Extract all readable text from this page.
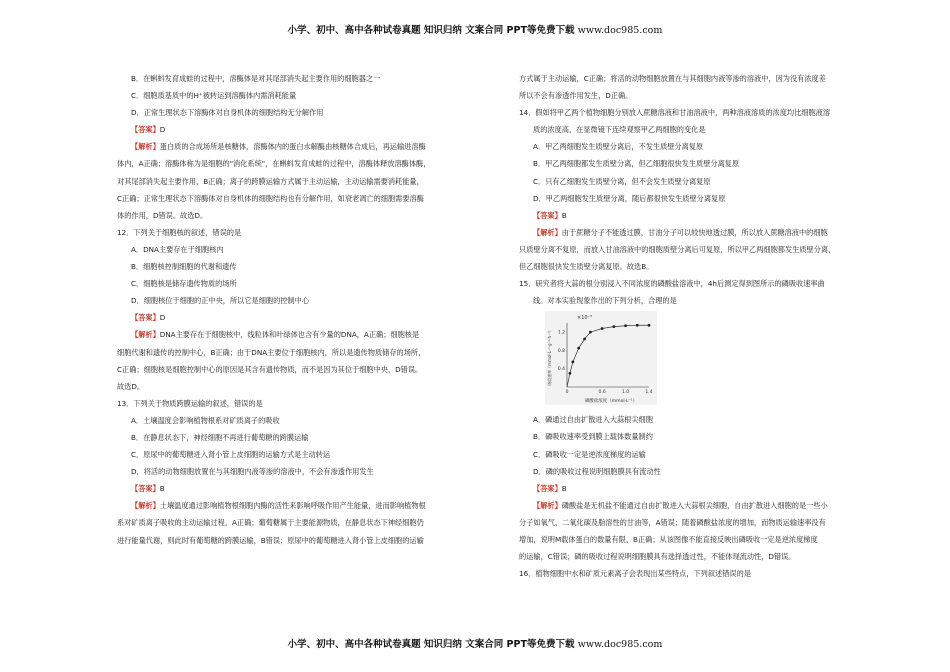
小学、初中、高中各种试卷真题 知识归纳 文案合同 PPT等免费下载 www.doc985.com

B．在蝌蚪发育成蛙的过程中，溶酶体是对其尾部消失起主要作用的细胞器之一

C．细胞质基质中的H⁺被转运到溶酶体内需消耗能量

D．正常生理状态下溶酶体对自身机体的细胞结构无分解作用

【答案】D

【解析】蛋白质的合成场所是核糖体，溶酶体内的蛋白水解酶由核糖体合成后，再运输进溶酶

体内，A正确；溶酶体称为是细胞的"消化系统"，在蝌蚪发育成蛙的过程中，溶酶体释放溶酶体酶，

对其尾部消失起主要作用，B正确；离子的跨膜运输方式属于主动运输，主动运输需要消耗能量，

C正确；正常生理状态下溶酶体对自身机体的细胞结构也有分解作用，如衰老凋亡的细胞需要溶酶

体的作用，D错误。故选D。

12．下列关于细胞核的叙述，错误的是

A．DNA主要存在于细胞核内

B．细胞核控制细胞的代谢和遗传

C．细胞核是储存遗传物质的场所

D．细胞核位于细胞的正中央，所以它是细胞的控制中心

【答案】D

【解析】DNA主要存在于细胞核中，线粒体和叶绿体也含有少量的DNA，A正确；细胞核是

细胞代谢和遗传的控制中心，B正确；由于DNA主要位于细胞核内，所以是遗传物质储存的场所，

C正确；细胞核是细胞控制中心的原因是其含有遗传物质，而不是因为其位于细胞中央，D错误。

故选D。

13．下列关于物质跨膜运输的叙述，错误的是

A．土壤温度会影响植物根系对矿质离子的吸收

B．在静息状态下，神经细胞不再进行葡萄糖的跨膜运输

C．原尿中的葡萄糖进入肾小管上皮细胞的运输方式是主动转运

D．将活的动物细胞放置在与其细胞内液等渗的溶液中，不会有渗透作用发生

【答案】B

【解析】土壤温度通过影响植物根细胞内酶的活性来影响呼吸作用产生能量，进而影响植物根

系对矿质离子吸收的主动运输过程，A正确；葡萄糖属于主要能源物质，在静息状态下神经细胞仍

进行能量代谢，则此时有葡萄糖的跨膜运输，B错误；原尿中的葡萄糖进入肾小管上皮细胞的运输

方式属于主动运输，C正确；将活的动物细胞放置在与其细胞内液等渗的溶液中，因为没有浓度差

所以不会有渗透作用发生，D正确。

14．假如将甲乙两个植物细胞分别放入蔗糖溶液和甘油溶液中，两种溶液溶质的浓度均比细胞液溶

质的浓度高，在显微镜下连续观察甲乙两细胞的变化是

A．甲乙两细胞发生质壁分离后，不发生质壁分离复原

B．甲乙两细胞都发生质壁分离，但乙细胞很快发生质壁分离复原

C．只有乙细胞发生质壁分离，但不会发生质壁分离复原

D．甲乙两细胞发生质壁分离，随后都很快发生质壁分离复原

【答案】B

【解析】由于蔗糖分子不能透过膜，甘油分子可以较快地透过膜，所以放入蔗糖溶液中的细胞

只质壁分离不复原，而放入甘油溶液中的细胞质壁分离后可复原，所以甲乙两细胞都发生质壁分离，

但乙细胞很快发生质壁分离复原。故选B。

15．研究者将大蒜的根分别浸入不同浓度的磷酸盐溶液中，4h后测定得到图所示的磷吸收速率曲

线。对本实验现象作出的下列分析，合理的是

×10⁻⁵
吸收速率（mmol·L⁻¹·g⁻¹·h⁻¹）
磷酸盐浓度（mmol·L⁻¹）
0	0.6	1.0	1.4
0.4
0.8
1.2

A．磷通过自由扩散进入大蒜根尖细胞

B．磷吸收速率受到膜上载体数量制约

C．磷吸收一定是逆浓度梯度的运输

D．磷的吸收过程说明细胞膜具有流动性

【答案】B

【解析】磷酸盐是无机盐不能通过自由扩散进入大蒜根尖细胞，自由扩散进入细胞的是一些小

分子如氧气、二氧化碳及脂溶性的甘油等，A错误；随着磷酸盐浓度的增加，而物质运输速率没有

增加，说明M载体蛋白的数量有限，B正确；从该图像不能直接反映出磷吸收一定是逆浓度梯度

的运输，C错误；磷的吸收过程说明细胞膜具有选择透过性，不能体现流动性，D错误。

16．植物细胞中水和矿质元素离子会表现出某些特点，下列叙述错误的是

小学、初中、高中各种试卷真题 知识归纳 文案合同 PPT等免费下载 www.doc985.com
